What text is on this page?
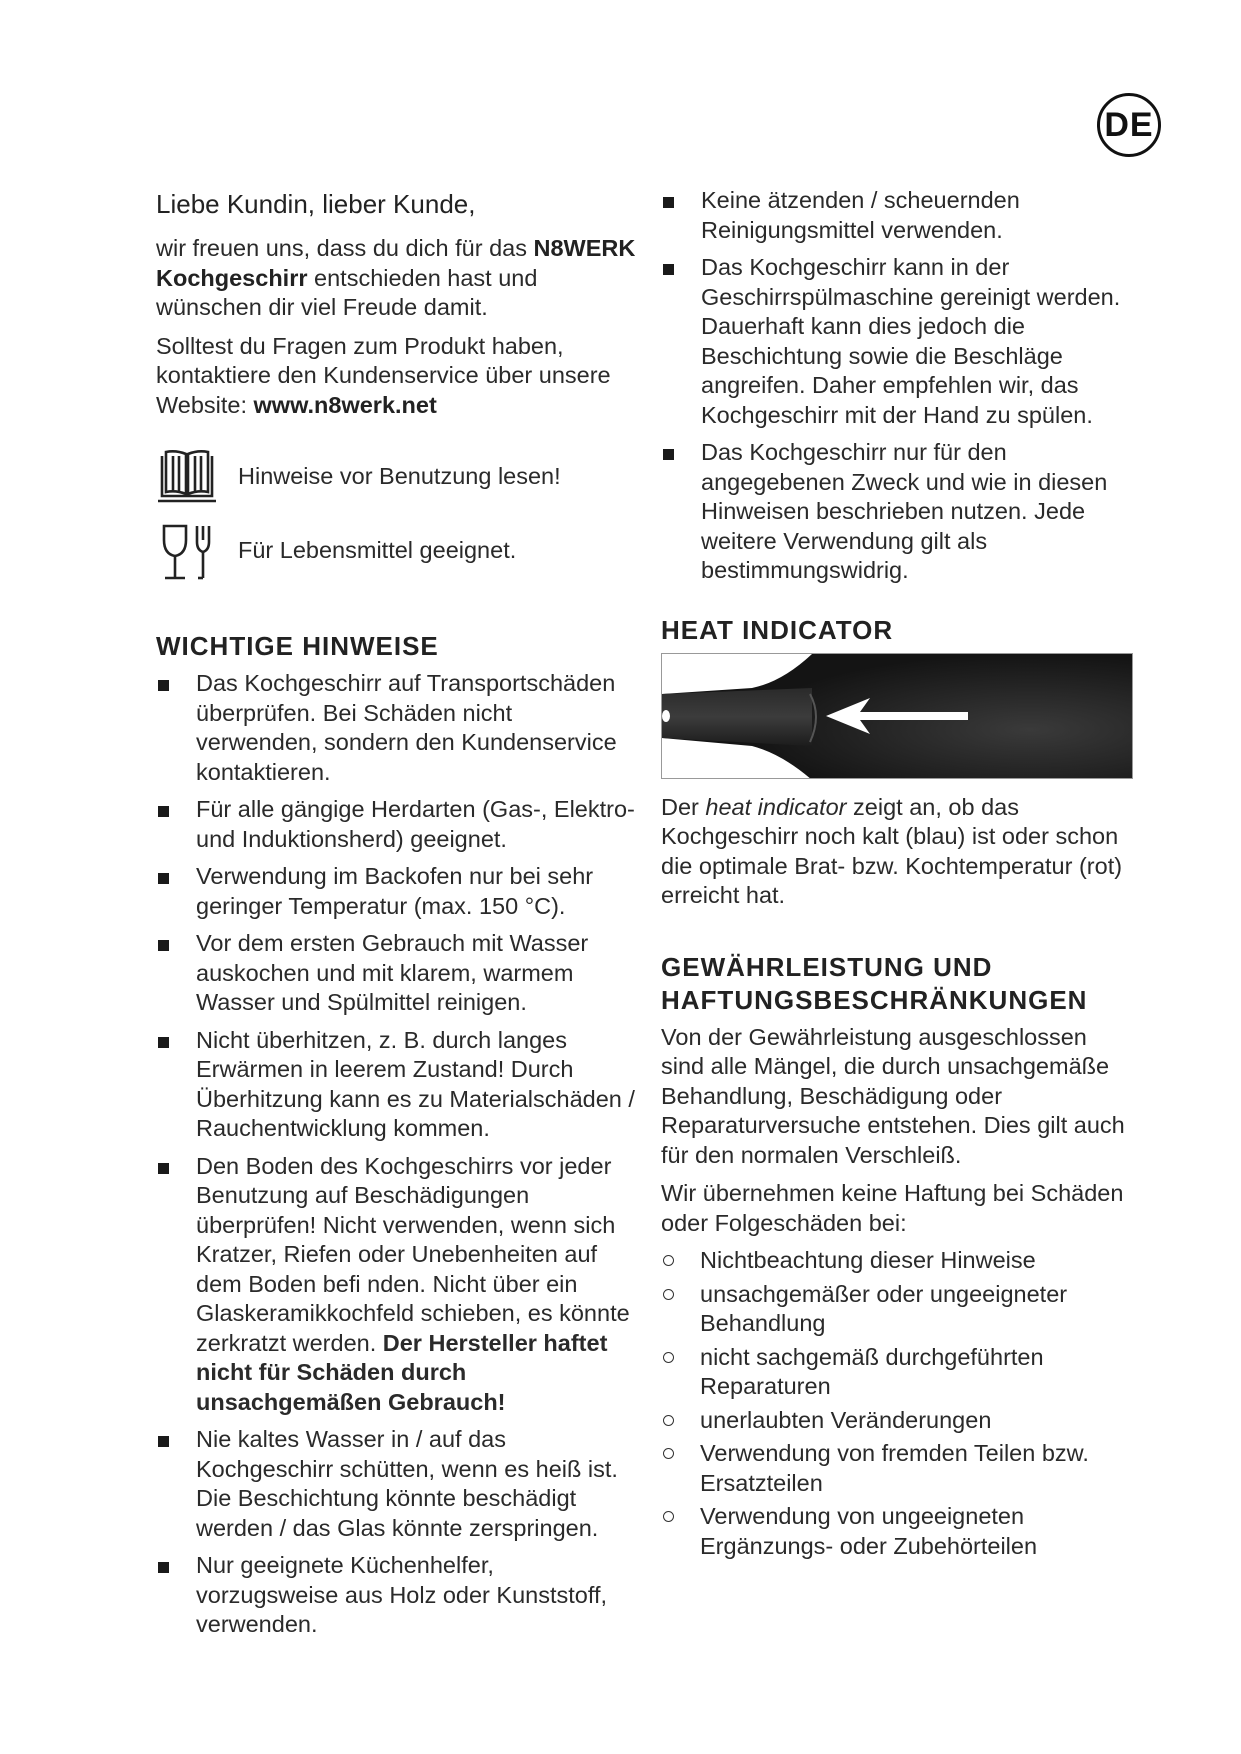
DE
Liebe Kundin, lieber Kunde,

wir freuen uns, dass du dich für das N8WERK Kochgeschirr entschieden hast und wünschen dir viel Freude damit.

Solltest du Fragen zum Produkt haben, kontaktiere den Kundenservice über unsere Website: www.n8werk.net

Hinweise vor Benutzung lesen!
Für Lebensmittel geeignet.
WICHTIGE HINWEISE
Das Kochgeschirr auf Transportschäden überprüfen. Bei Schäden nicht verwenden, sondern den Kundenservice kontaktieren.
Für alle gängige Herdarten (Gas-, Elektro- und Induktionsherd) geeignet.
Verwendung im Backofen nur bei sehr geringer Temperatur (max. 150 °C).
Vor dem ersten Gebrauch mit Wasser auskochen und mit klarem, warmem Wasser und Spülmittel reinigen.
Nicht überhitzen, z. B. durch langes Erwärmen in leerem Zustand! Durch Überhitzung kann es zu Materialschäden / Rauchentwicklung kommen.
Den Boden des Kochgeschirrs vor jeder Benutzung auf Beschädigungen überprüfen! Nicht verwenden, wenn sich Kratzer, Riefen oder Unebenheiten auf dem Boden befi nden. Nicht über ein Glaskeramikkochfeld schieben, es könnte zerkratzt werden. Der Hersteller haftet nicht für Schäden durch unsachgemäßen Gebrauch!
Nie kaltes Wasser in / auf das Kochgeschirr schütten, wenn es heiß ist. Die Beschichtung könnte beschädigt werden / das Glas könnte zerspringen.
Nur geeignete Küchenhelfer, vorzugsweise aus Holz oder Kunststoff, verwenden.
Keine ätzenden / scheuernden Reinigungsmittel verwenden.
Das Kochgeschirr kann in der Geschirrspülmaschine gereinigt werden. Dauerhaft kann dies jedoch die Beschichtung sowie die Beschläge angreifen. Daher empfehlen wir, das Kochgeschirr mit der Hand zu spülen.
Das Kochgeschirr nur für den angegebenen Zweck und wie in diesen Hinweisen beschrieben nutzen. Jede weitere Verwendung gilt als bestimmungswidrig.
HEAT INDICATOR

Der heat indicator zeigt an, ob das Kochgeschirr noch kalt (blau) ist oder schon die optimale Brat- bzw. Kochtemperatur (rot) erreicht hat.

GEWÄHRLEISTUNG UND
HAFTUNGSBESCHRÄNKUNGEN

Von der Gewährleistung ausgeschlossen sind alle Mängel, die durch unsachgemäße Behandlung, Beschädigung oder Reparaturversuche entstehen. Dies gilt auch für den normalen Verschleiß.

Wir übernehmen keine Haftung bei Schäden oder Folgeschäden bei:

Nichtbeachtung dieser Hinweise
unsachgemäßer oder ungeeigneter Behandlung
nicht sachgemäß durchgeführten Reparaturen
unerlaubten Veränderungen
Verwendung von fremden Teilen bzw. Ersatzteilen
Verwendung von ungeeigneten Ergänzungs- oder Zubehörteilen
